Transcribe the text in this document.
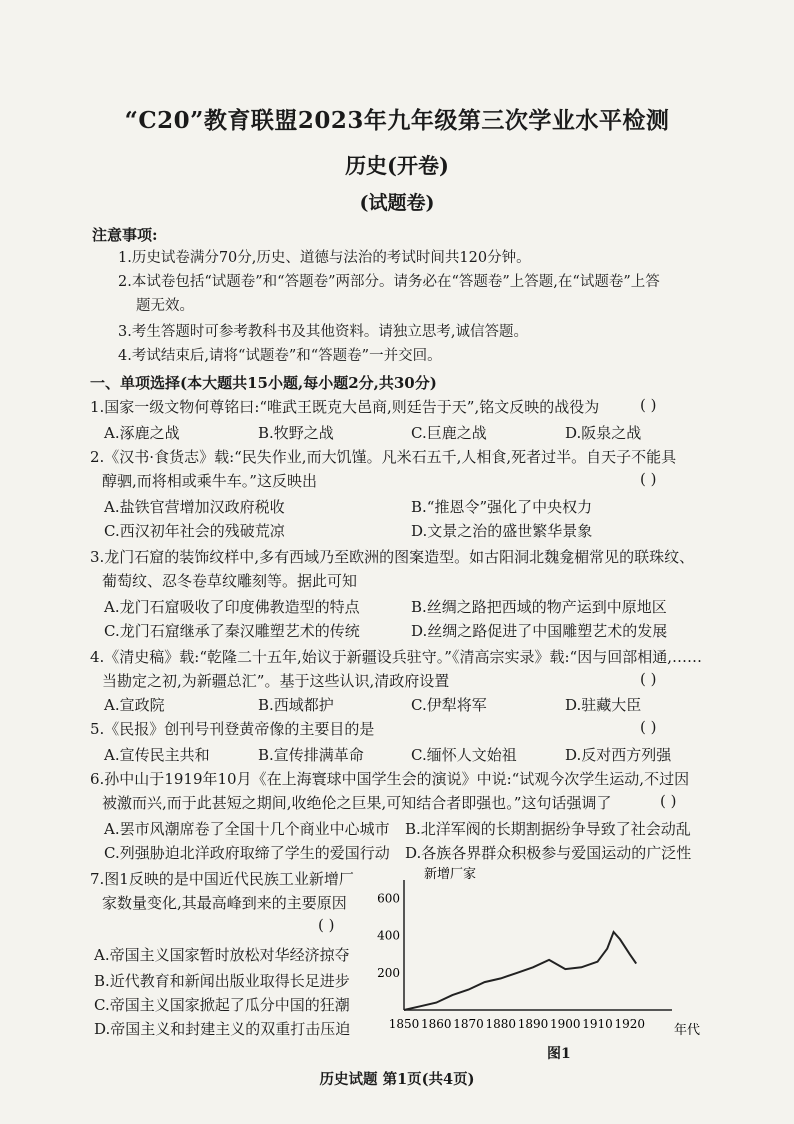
“C20”教育联盟2023年九年级第三次学业水平检测
历史(开卷)
(试题卷)
注意事项:
1.历史试卷满分70分,历史、道德与法治的考试时间共120分钟。
2.本试卷包括“试题卷”和“答题卷”两部分。请务必在“答题卷”上答题,在“试题卷”上答
题无效。
3.考生答题时可参考教科书及其他资料。请独立思考,诚信答题。
4.考试结束后,请将“试题卷”和“答题卷”一并交回。
一、单项选择(本大题共15小题,每小题2分,共30分)
1.国家一级文物何尊铭曰:“唯武王既克大邑商,则廷告于天”,铭文反映的战役为	( )
A.涿鹿之战	B.牧野之战	C.巨鹿之战	D.阪泉之战
2.《汉书·食货志》载:“民失作业,而大饥馑。凡米石五千,人相食,死者过半。自天子不能具
醇驷,而将相或乘牛车。”这反映出	( )
A.盐铁官营增加汉政府税收	B.“推恩令”强化了中央权力
C.西汉初年社会的残破荒凉	D.文景之治的盛世繁华景象
3.龙门石窟的装饰纹样中,多有西域乃至欧洲的图案造型。如古阳洞北魏龛楣常见的联珠纹、
葡萄纹、忍冬卷草纹雕刻等。据此可知
A.龙门石窟吸收了印度佛教造型的特点	B.丝绸之路把西域的物产运到中原地区
C.龙门石窟继承了秦汉雕塑艺术的传统	D.丝绸之路促进了中国雕塑艺术的发展
4.《清史稿》载:“乾隆二十五年,始议于新疆设兵驻守。”《清高宗实录》载:“因与回部相通,……
当勘定之初,为新疆总汇”。基于这些认识,清政府设置	( )
A.宣政院	B.西域都护	C.伊犁将军	D.驻藏大臣
5.《民报》创刊号刊登黄帝像的主要目的是	( )
A.宣传民主共和	B.宣传排满革命	C.缅怀人文始祖	D.反对西方列强
6.孙中山于1919年10月《在上海寰球中国学生会的演说》中说:“试观今次学生运动,不过因
被激而兴,而于此甚短之期间,收绝伦之巨果,可知结合者即强也。”这句话强调了	( )
A.罢市风潮席卷了全国十几个商业中心城市 B.北洋军阀的长期割据纷争导致了社会动乱
C.列强胁迫北洋政府取缔了学生的爱国行动 D.各族各界群众积极参与爱国运动的广泛性
7.图1反映的是中国近代民族工业新增厂
家数量变化,其最高峰到来的主要原因
( )
A.帝国主义国家暂时放松对华经济掠夺
B.近代教育和新闻出版业取得长足进步
C.帝国主义国家掀起了瓜分中国的狂潮
D.帝国主义和封建主义的双重打击压迫
新增厂家
200
400
600
1850 1860 1870 1880 1890 1900 1910 1920 年代
图1
历史试题 第1页(共4页)
